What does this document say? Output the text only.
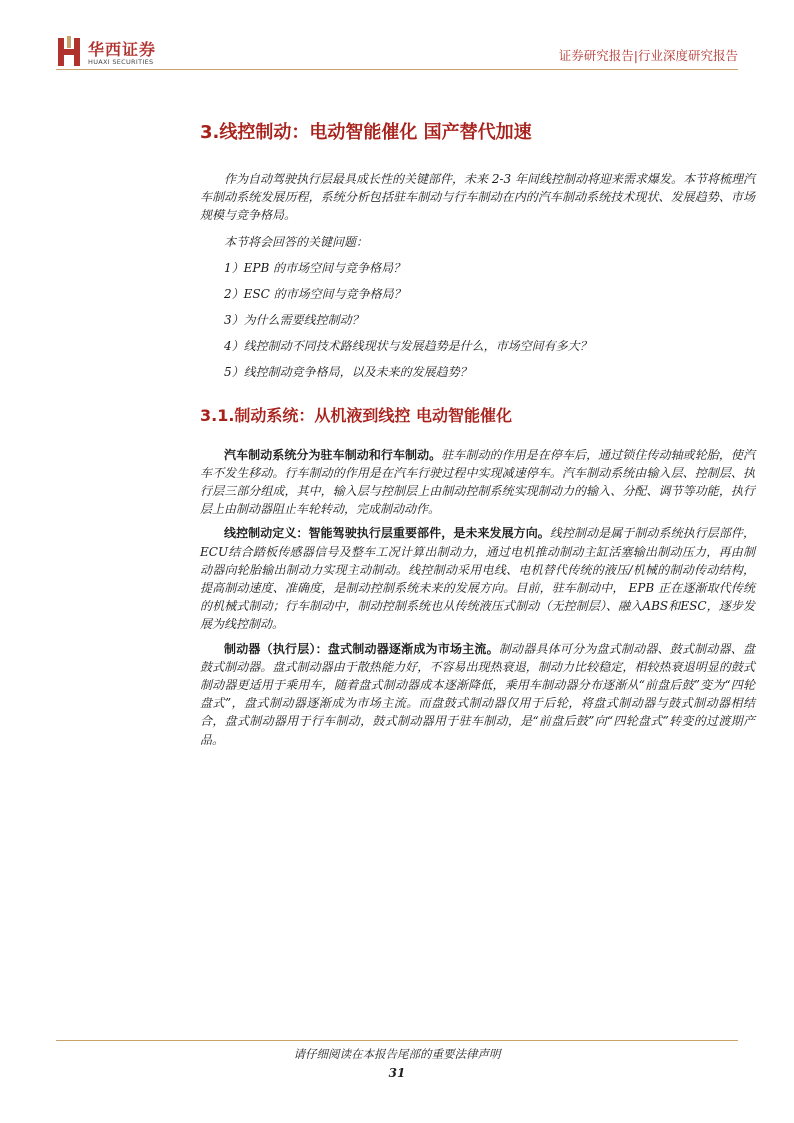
华西证券
HUAXI SECURITIES	证券研究报告|行业深度研究报告
3.线控制动：电动智能催化 国产替代加速

作为自动驾驶执行层最具成长性的关键部件，未来 2-3 年间线控制动将迎来需求爆发。本节将梳理汽车制动系统发展历程，系统分析包括驻车制动与行车制动在内的汽车制动系统技术现状、发展趋势、市场规模与竞争格局。

本节将会回答的关键问题：

1）EPB 的市场空间与竞争格局？
2）ESC 的市场空间与竞争格局？
3）为什么需要线控制动？
4）线控制动不同技术路线现状与发展趋势是什么，市场空间有多大？
5）线控制动竞争格局，以及未来的发展趋势？
3.1.制动系统：从机液到线控 电动智能催化

汽车制动系统分为驻车制动和行车制动。驻车制动的作用是在停车后，通过锁住传动轴或轮胎，使汽车不发生移动。行车制动的作用是在汽车行驶过程中实现减速停车。汽车制动系统由输入层、控制层、执行层三部分组成，其中，输入层与控制层上由制动控制系统实现制动力的输入、分配、调节等功能，执行层上由制动器阻止车轮转动，完成制动动作。

线控制动定义：智能驾驶执行层重要部件，是未来发展方向。线控制动是属于制动系统执行层部件，ECU结合踏板传感器信号及整车工况计算出制动力，通过电机推动制动主缸活塞输出制动压力，再由制动器向轮胎输出制动力实现主动制动。线控制动采用电线、电机替代传统的液压/机械的制动传动结构，提高制动速度、准确度，是制动控制系统未来的发展方向。目前，驻车制动中， EPB 正在逐渐取代传统的机械式制动；行车制动中，制动控制系统也从传统液压式制动（无控制层）、融入ABS和ESC，逐步发展为线控制动。

制动器（执行层）：盘式制动器逐渐成为市场主流。制动器具体可分为盘式制动器、鼓式制动器、盘鼓式制动器。盘式制动器由于散热能力好，不容易出现热衰退，制动力比较稳定，相较热衰退明显的鼓式制动器更适用于乘用车，随着盘式制动器成本逐渐降低，乘用车制动器分布逐渐从“前盘后鼓”变为“四轮盘式”，盘式制动器逐渐成为市场主流。而盘鼓式制动器仅用于后轮，将盘式制动器与鼓式制动器相结合，盘式制动器用于行车制动，鼓式制动器用于驻车制动，是“前盘后鼓”向“四轮盘式”转变的过渡期产品。

请仔细阅读在本报告尾部的重要法律声明
31
